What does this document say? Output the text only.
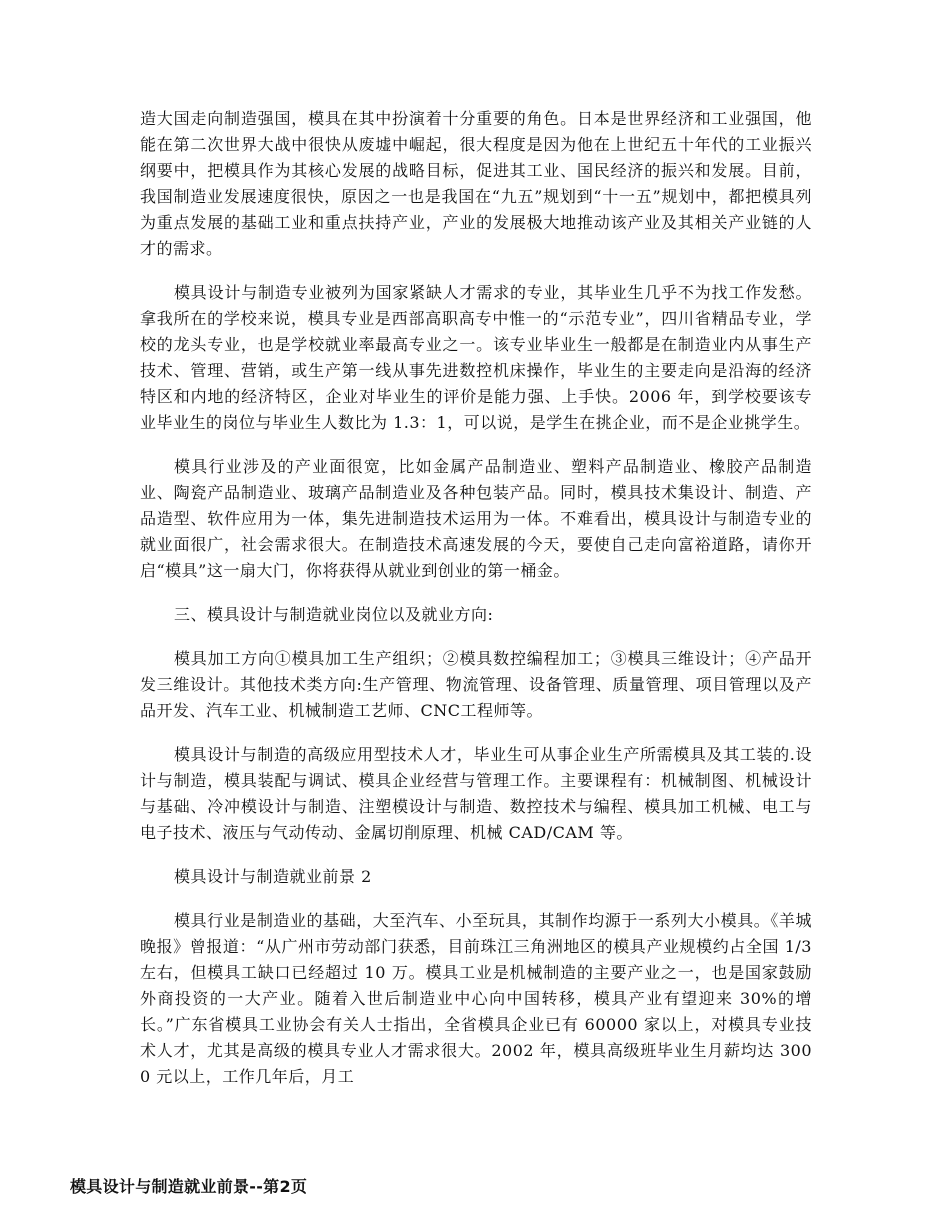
造大国走向制造强国，模具在其中扮演着十分重要的角色。日本是世界经济和工业强国，他能在第二次世界大战中很快从废墟中崛起，很大程度是因为他在上世纪五十年代的工业振兴纲要中，把模具作为其核心发展的战略目标，促进其工业、国民经济的振兴和发展。目前，我国制造业发展速度很快，原因之一也是我国在“九五”规划到“十一五”规划中，都把模具列为重点发展的基础工业和重点扶持产业，产业的发展极大地推动该产业及其相关产业链的人才的需求。

模具设计与制造专业被列为国家紧缺人才需求的专业，其毕业生几乎不为找工作发愁。拿我所在的学校来说，模具专业是西部高职高专中惟一的“示范专业”，四川省精品专业，学校的龙头专业，也是学校就业率最高专业之一。该专业毕业生一般都是在制造业内从事生产技术、管理、营销，或生产第一线从事先进数控机床操作，毕业生的主要走向是沿海的经济特区和内地的经济特区，企业对毕业生的评价是能力强、上手快。2006 年，到学校要该专业毕业生的岗位与毕业生人数比为 1.3：1，可以说，是学生在挑企业，而不是企业挑学生。

模具行业涉及的产业面很宽，比如金属产品制造业、塑料产品制造业、橡胶产品制造业、陶瓷产品制造业、玻璃产品制造业及各种包装产品。同时，模具技术集设计、制造、产品造型、软件应用为一体，集先进制造技术运用为一体。不难看出，模具设计与制造专业的就业面很广，社会需求很大。在制造技术高速发展的今天，要使自己走向富裕道路，请你开启“模具”这一扇大门，你将获得从就业到创业的第一桶金。

三、模具设计与制造就业岗位以及就业方向:

模具加工方向①模具加工生产组织；②模具数控编程加工；③模具三维设计；④产品开发三维设计。其他技术类方向:生产管理、物流管理、设备管理、质量管理、项目管理以及产品开发、汽车工业、机械制造工艺师、CNC工程师等。

模具设计与制造的高级应用型技术人才，毕业生可从事企业生产所需模具及其工装的.设计与制造，模具装配与调试、模具企业经营与管理工作。主要课程有：机械制图、机械设计与基础、冷冲模设计与制造、注塑模设计与制造、数控技术与编程、模具加工机械、电工与电子技术、液压与气动传动、金属切削原理、机械 CAD/CAM 等。

模具设计与制造就业前景 2

模具行业是制造业的基础，大至汽车、小至玩具，其制作均源于一系列大小模具。《羊城晚报》曾报道：“从广州市劳动部门获悉，目前珠江三角洲地区的模具产业规模约占全国 1/3 左右，但模具工缺口已经超过 10 万。模具工业是机械制造的主要产业之一，也是国家鼓励外商投资的一大产业。随着入世后制造业中心向中国转移，模具产业有望迎来 30%的增长。”广东省模具工业协会有关人士指出，全省模具企业已有 60000 家以上，对模具专业技术人才，尤其是高级的模具专业人才需求很大。2002 年，模具高级班毕业生月薪均达 3000 元以上，工作几年后，月工

模具设计与制造就业前景--第2页
